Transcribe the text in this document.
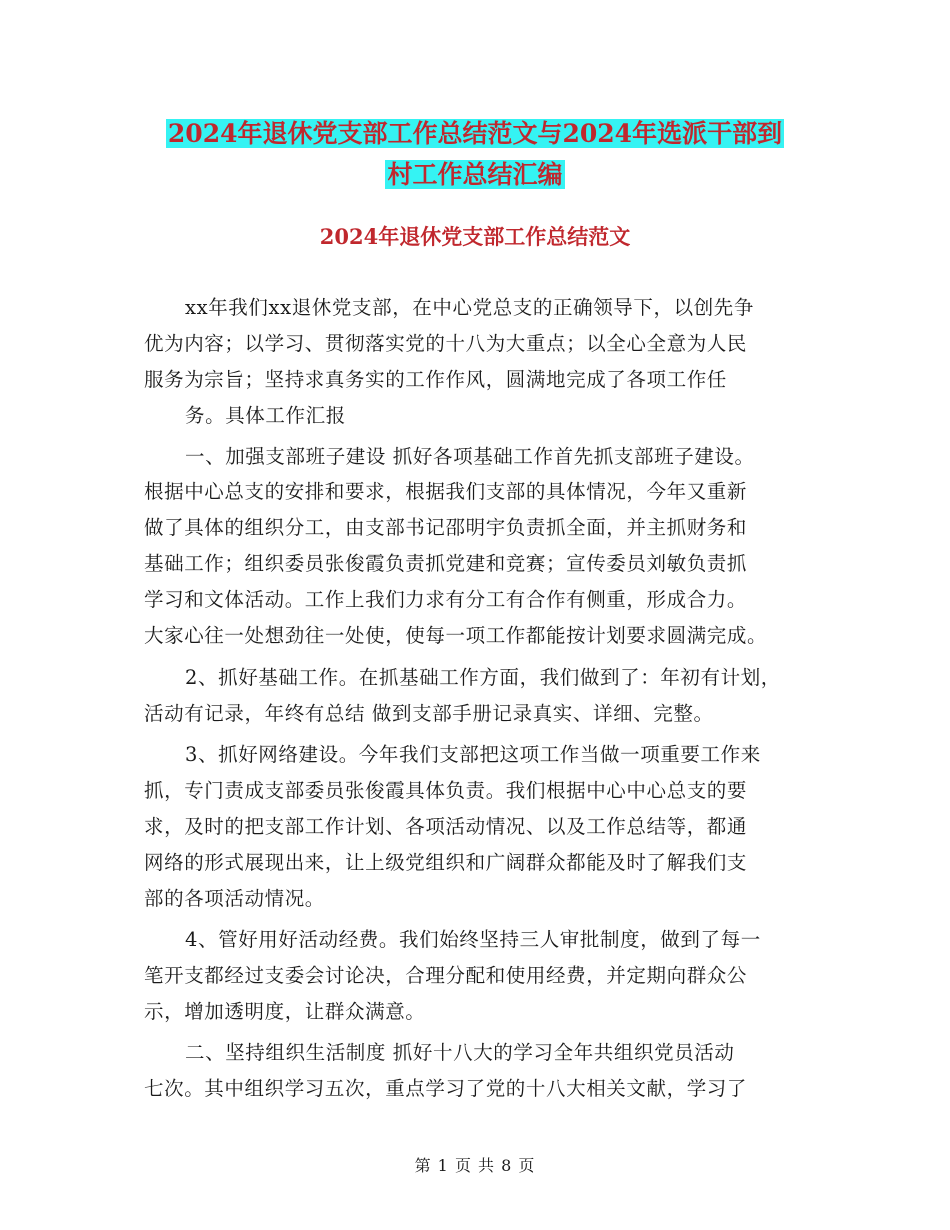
2024年退休党支部工作总结范文与2024年选派干部到
村工作总结汇编
2024年退休党支部工作总结范文
xx年我们xx退休党支部，在中心党总支的正确领导下，以创先争
优为内容；以学习、贯彻落实党的十八为大重点；以全心全意为人民
服务为宗旨；坚持求真务实的工作作风，圆满地完成了各项工作任
务。具体工作汇报
一、加强支部班子建设 抓好各项基础工作首先抓支部班子建设。
根据中心总支的安排和要求，根据我们支部的具体情况，今年又重新
做了具体的组织分工，由支部书记邵明宇负责抓全面，并主抓财务和
基础工作；组织委员张俊霞负责抓党建和竞赛；宣传委员刘敏负责抓
学习和文体活动。工作上我们力求有分工有合作有侧重，形成合力。
大家心往一处想劲往一处使，使每一项工作都能按计划要求圆满完成。
2、抓好基础工作。在抓基础工作方面，我们做到了：年初有计划，
活动有记录，年终有总结 做到支部手册记录真实、详细、完整。
3、抓好网络建设。今年我们支部把这项工作当做一项重要工作来
抓，专门责成支部委员张俊霞具体负责。我们根据中心中心总支的要
求，及时的把支部工作计划、各项活动情况、以及工作总结等，都通
网络的形式展现出来，让上级党组织和广阔群众都能及时了解我们支
部的各项活动情况。
4、管好用好活动经费。我们始终坚持三人审批制度，做到了每一
笔开支都经过支委会讨论决，合理分配和使用经费，并定期向群众公
示，增加透明度，让群众满意。
二、坚持组织生活制度 抓好十八大的学习全年共组织党员活动
七次。其中组织学习五次，重点学习了党的十八大相关文献，学习了
第 1 页 共 8 页
